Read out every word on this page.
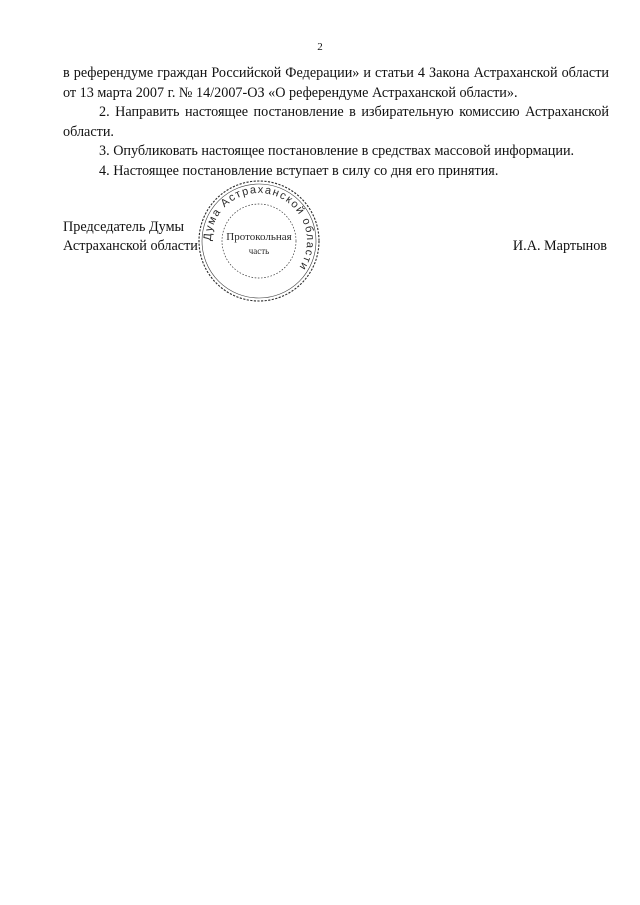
2

в референдуме граждан Российской Федерации» и статьи 4 Закона Астраханской области от 13 марта 2007 г. № 14/2007-ОЗ «О референдуме Астраханской области».

2. Направить настоящее постановление в избирательную комиссию Астраханской области.

3. Опубликовать настоящее постановление в средствах массовой информации.

4. Настоящее постановление вступает в силу со дня его принятия.

Председатель Думы
Астраханской области	И.А. Мартынов
Дума Астраханской области
Протокольная
часть
